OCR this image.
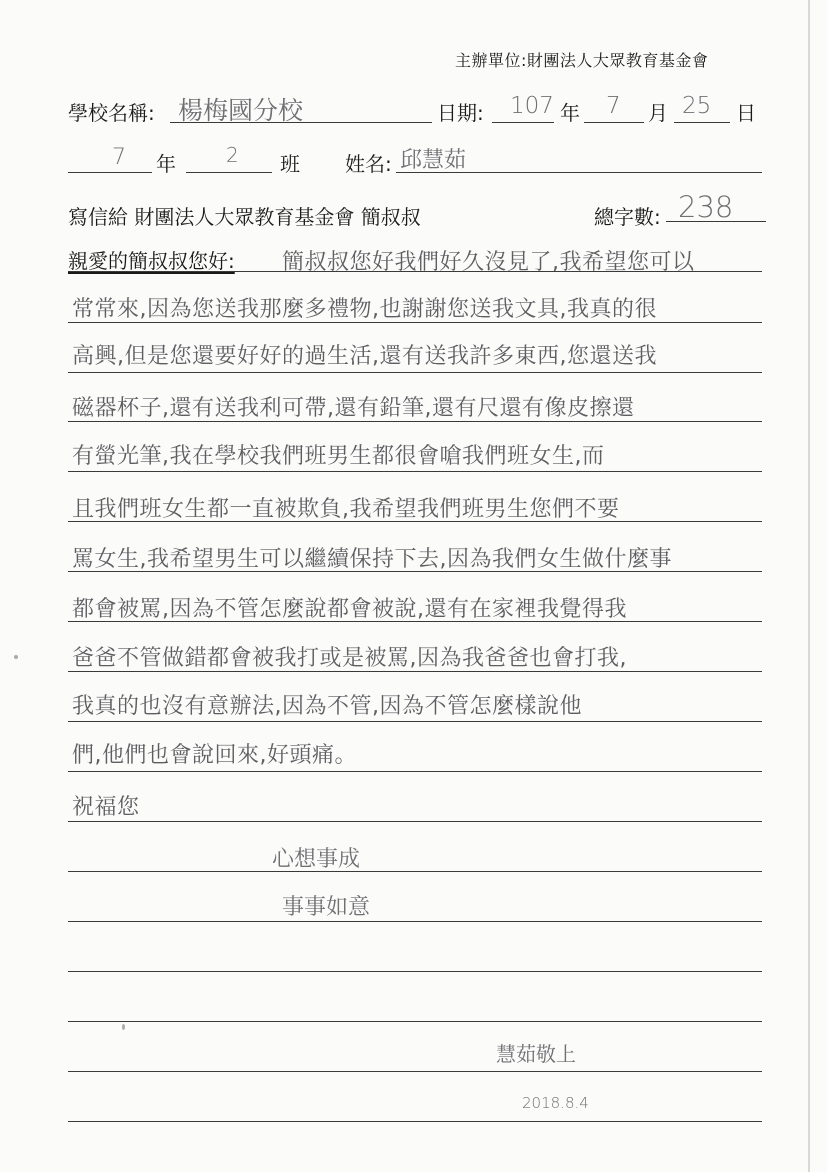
主辦單位:財團法人大眾教育基金會
學校名稱: 楊梅國分校	日期: 107 年 7 月 25 日
7 年	2 班 姓名: 邱慧茹
寫信給 財團法人大眾教育基金會 簡叔叔	總字數: 238
親愛的簡叔叔您好: 簡叔叔您好我們好久沒見了,我希望您可以
常常來,因為您送我那麼多禮物,也謝謝您送我文具,我真的很
高興,但是您還要好好的過生活,還有送我許多東西,您還送我
磁器杯子,還有送我利可帶,還有鉛筆,還有尺還有像皮擦還
有螢光筆,我在學校我們班男生都很會嗆我們班女生,而
且我們班女生都一直被欺負,我希望我們班男生您們不要
罵女生,我希望男生可以繼續保持下去,因為我們女生做什麼事
都會被罵,因為不管怎麼說都會被說,還有在家裡我覺得我
爸爸不管做錯都會被我打或是被罵,因為我爸爸也會打我,
我真的也沒有意辦法,因為不管,因為不管怎麼樣說他
們,他們也會說回來,好頭痛。
祝福您
心想事成
事事如意
慧茹敬上
2018.8.4
